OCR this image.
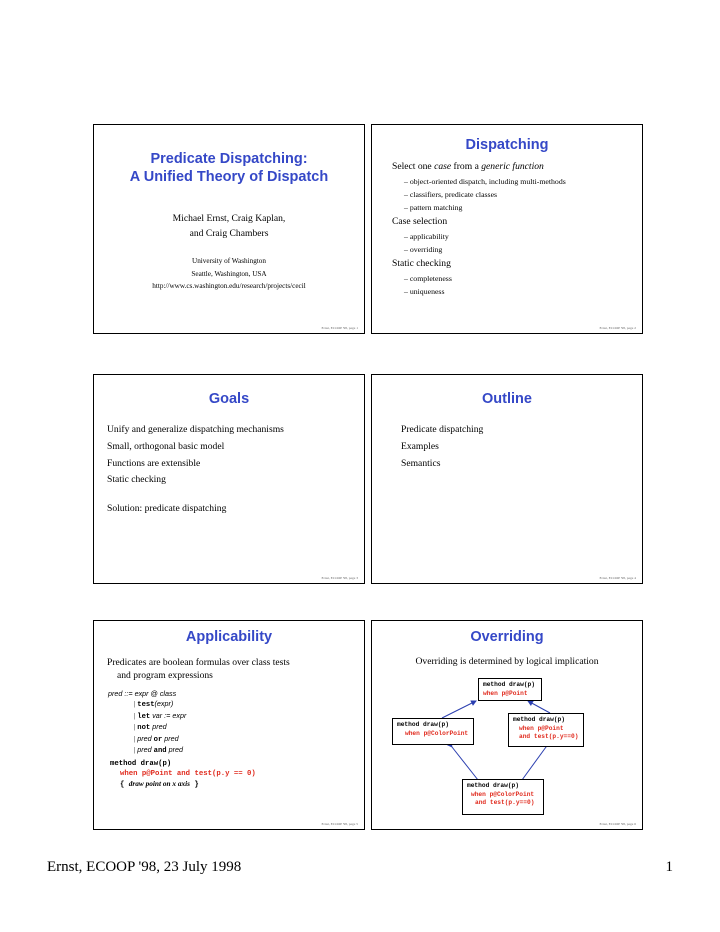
Predicate Dispatching:
A Unified Theory of Dispatch
Michael Ernst, Craig Kaplan,
and Craig Chambers
University of Washington
Seattle, Washington, USA
http://www.cs.washington.edu/research/projects/cecil
Ernst, ECOOP '98, page 1
Dispatching
Select one case from a generic function
– object-oriented dispatch, including multi-methods
– classifiers, predicate classes
– pattern matching
Case selection
– applicability
– overriding
Static checking
– completeness
– uniqueness
Ernst, ECOOP '98, page 2
Goals
Unify and generalize dispatching mechanisms
Small, orthogonal basic model
Functions are extensible
Static checking
Solution: predicate dispatching
Ernst, ECOOP '98, page 3
Outline
Predicate dispatching
Examples
Semantics
Ernst, ECOOP '98, page 4
Applicability
Predicates are boolean formulas over class tests
and program expressions
pred ::= expr @ class
| test(expr)
| let var := expr
| not pred
| pred or pred
| pred and pred
method draw(p)
when p@Point and test(p.y == 0)
{ draw point on x axis }
Ernst, ECOOP '98, page 5
Overriding
Overriding is determined by logical implication
method draw(p)
when p@Point
method draw(p)
when p@ColorPoint
method draw(p)
when p@Point
and test(p.y==0)
method draw(p)
when p@ColorPoint
and test(p.y==0)
Ernst, ECOOP '98, page 6
Ernst, ECOOP '98, 23 July 1998	1
